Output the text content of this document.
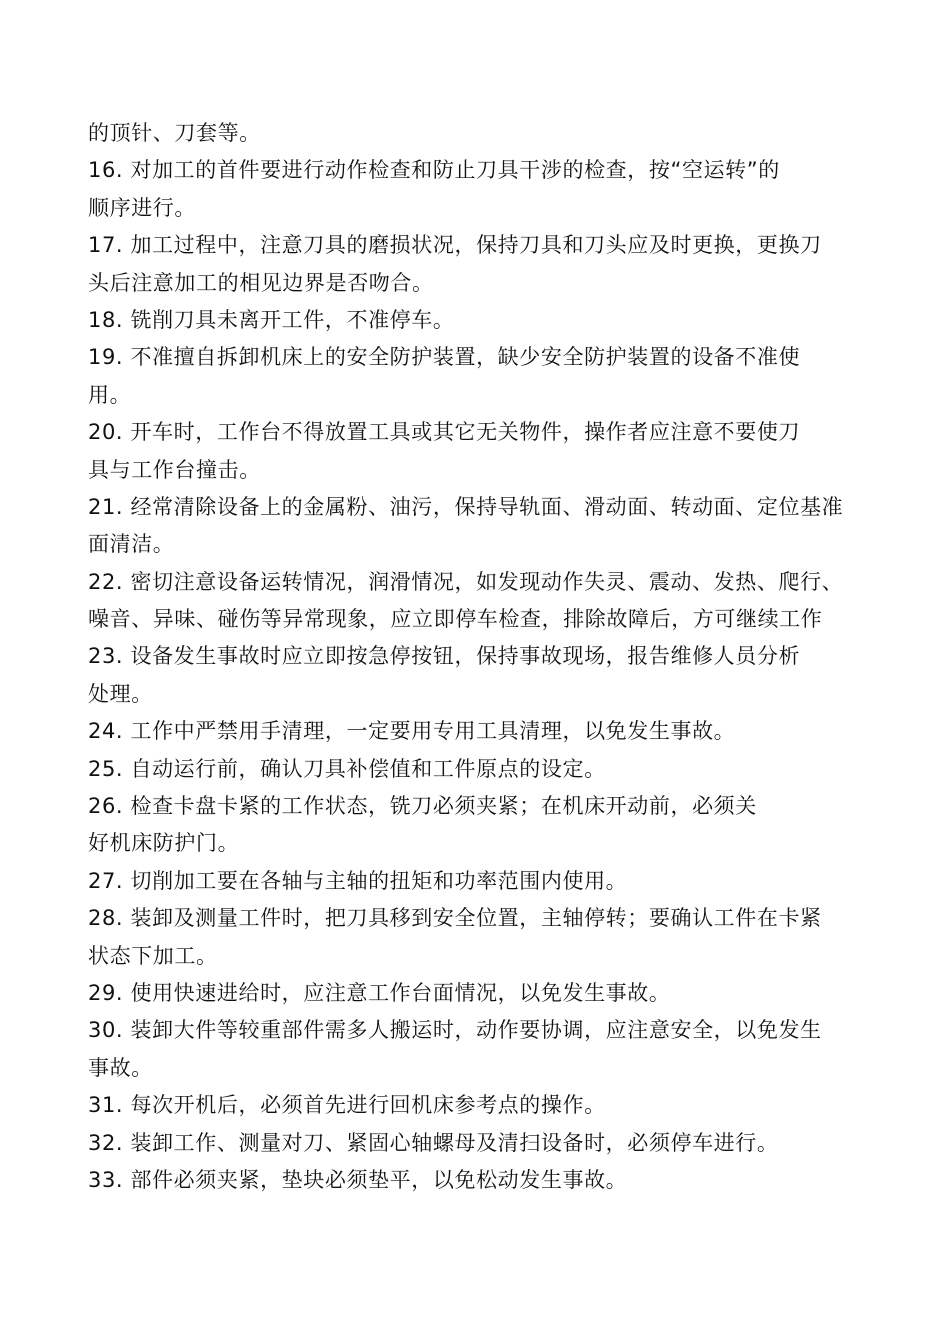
的顶针、刀套等。
16. 对加工的首件要进行动作检查和防止刀具干涉的检查，按“空运转”的
顺序进行。
17. 加工过程中，注意刀具的磨损状况，保持刀具和刀头应及时更换，更换刀
头后注意加工的相见边界是否吻合。
18. 铣削刀具未离开工件，不准停车。
19. 不准擅自拆卸机床上的安全防护装置，缺少安全防护装置的设备不准使
用。
20. 开车时，工作台不得放置工具或其它无关物件，操作者应注意不要使刀
具与工作台撞击。
21. 经常清除设备上的金属粉、油污，保持导轨面、滑动面、转动面、定位基准
面清洁。
22. 密切注意设备运转情况，润滑情况，如发现动作失灵、震动、发热、爬行、
噪音、异味、碰伤等异常现象，应立即停车检查，排除故障后，方可继续工作
23. 设备发生事故时应立即按急停按钮，保持事故现场，报告维修人员分析
处理。
24. 工作中严禁用手清理，一定要用专用工具清理，以免发生事故。
25. 自动运行前，确认刀具补偿值和工件原点的设定。
26. 检查卡盘卡紧的工作状态，铣刀必须夹紧；在机床开动前，必须关
好机床防护门。
27. 切削加工要在各轴与主轴的扭矩和功率范围内使用。
28. 装卸及测量工件时，把刀具移到安全位置，主轴停转；要确认工件在卡紧
状态下加工。
29. 使用快速进给时，应注意工作台面情况，以免发生事故。
30. 装卸大件等较重部件需多人搬运时，动作要协调，应注意安全，以免发生
事故。
31. 每次开机后，必须首先进行回机床参考点的操作。
32. 装卸工作、测量对刀、紧固心轴螺母及清扫设备时，必须停车进行。
33. 部件必须夹紧，垫块必须垫平，以免松动发生事故。
